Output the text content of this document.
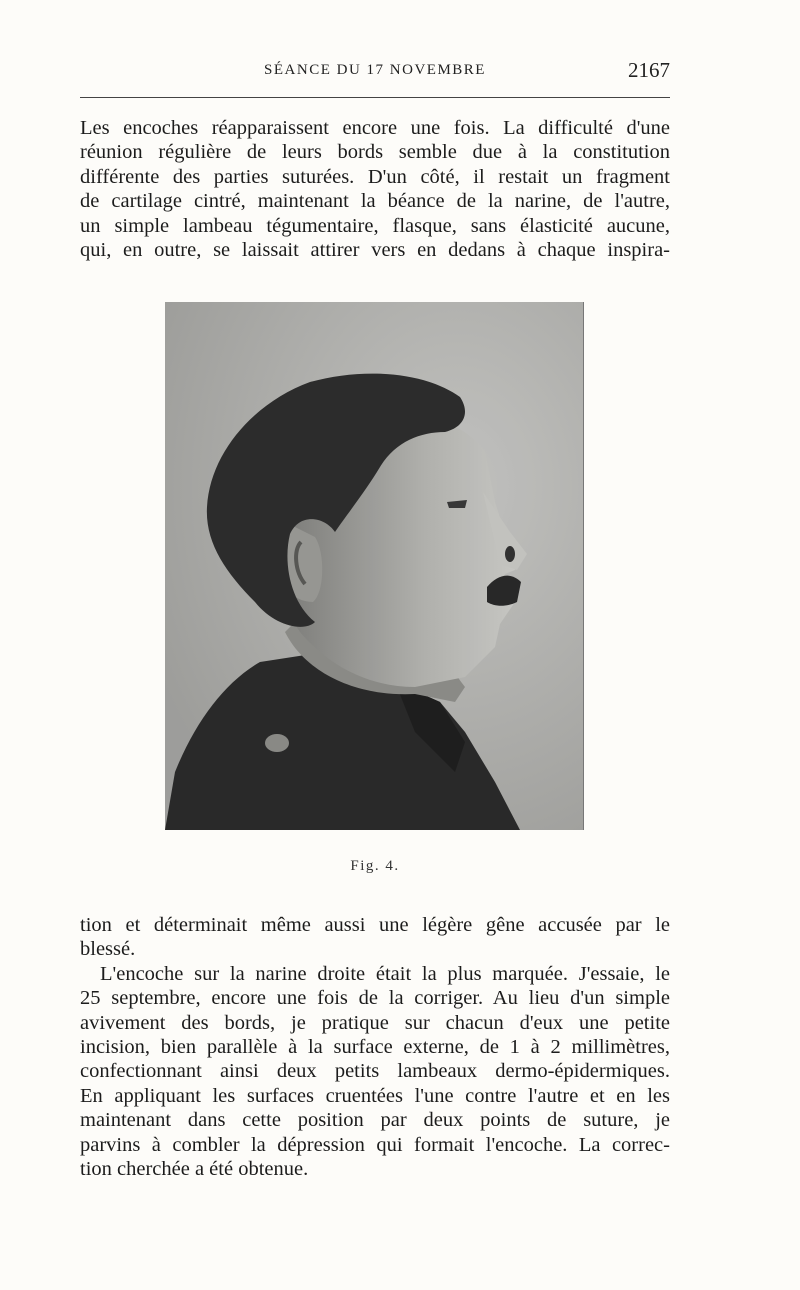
SÉANCE DU 17 NOVEMBRE	2167
Les encoches réapparaissent encore une fois. La difficulté d'une
réunion régulière de leurs bords semble due à la constitution
différente des parties suturées. D'un côté, il restait un fragment
de cartilage cintré, maintenant la béance de la narine, de l'autre,
un simple lambeau tégumentaire, flasque, sans élasticité aucune,
qui, en outre, se laissait attirer vers en dedans à chaque inspira-
Fig. 4.
tion et déterminait même aussi une légère gêne accusée par le
blessé.
L'encoche sur la narine droite était la plus marquée. J'essaie, le
25 septembre, encore une fois de la corriger. Au lieu d'un simple
avivement des bords, je pratique sur chacun d'eux une petite
incision, bien parallèle à la surface externe, de 1 à 2 millimètres,
confectionnant ainsi deux petits lambeaux dermo-épidermiques.
En appliquant les surfaces cruentées l'une contre l'autre et en les
maintenant dans cette position par deux points de suture, je
parvins à combler la dépression qui formait l'encoche. La correc-
tion cherchée a été obtenue.
